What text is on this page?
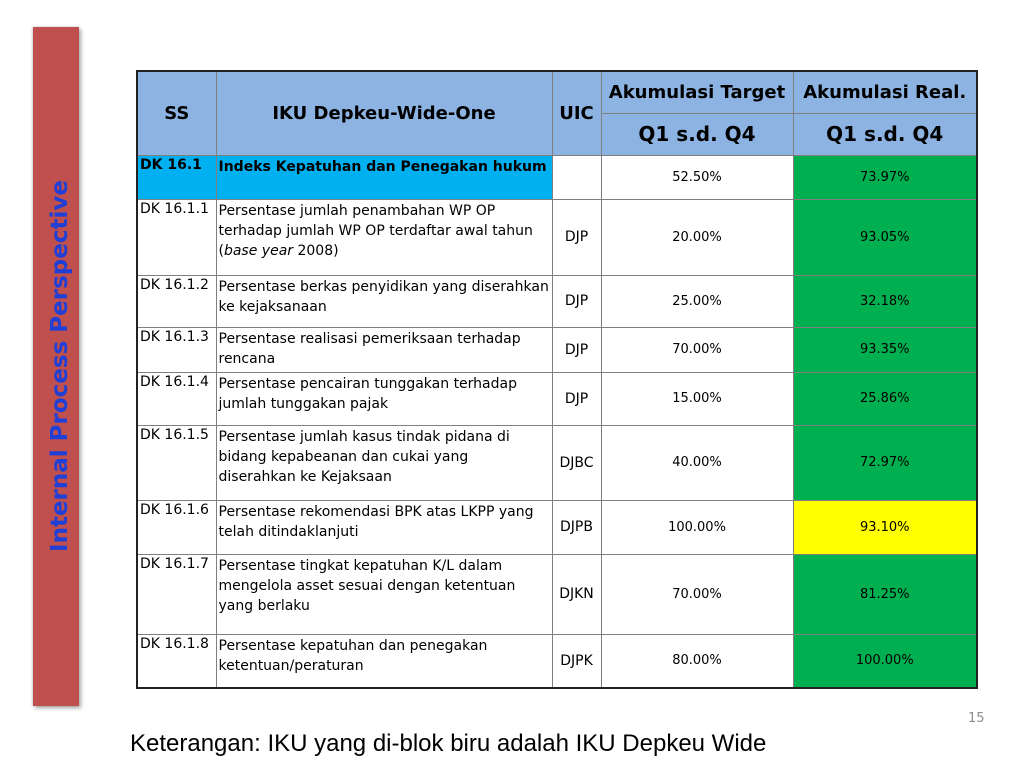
Internal Process Perspective
SS	IKU Depkeu-Wide-One	UIC	Akumulasi Target	Akumulasi Real.
			Q1 s.d. Q4	Q1 s.d. Q4
DK 16.1	Indeks Kepatuhan dan Penegakan hukum		52.50%	73.97%
DK 16.1.1	Persentase jumlah penambahan WP OP terhadap jumlah WP OP terdaftar awal tahun (base year 2008)	DJP	20.00%	93.05%
DK 16.1.2	Persentase berkas penyidikan yang diserahkan ke kejaksanaan	DJP	25.00%	32.18%
DK 16.1.3	Persentase realisasi pemeriksaan terhadap rencana	DJP	70.00%	93.35%
DK 16.1.4	Persentase pencairan tunggakan terhadap jumlah tunggakan pajak	DJP	15.00%	25.86%
DK 16.1.5	Persentase jumlah kasus tindak pidana di bidang kepabeanan dan cukai yang diserahkan ke Kejaksaan	DJBC	40.00%	72.97%
DK 16.1.6	Persentase rekomendasi BPK atas LKPP yang telah ditindaklanjuti	DJPB	100.00%	93.10%
DK 16.1.7	Persentase tingkat kepatuhan K/L dalam mengelola asset sesuai dengan ketentuan yang berlaku	DJKN	70.00%	81.25%
DK 16.1.8	Persentase kepatuhan dan penegakan ketentuan/peraturan	DJPK	80.00%	100.00%
15
Keterangan: IKU yang di-blok biru adalah IKU Depkeu Wide
